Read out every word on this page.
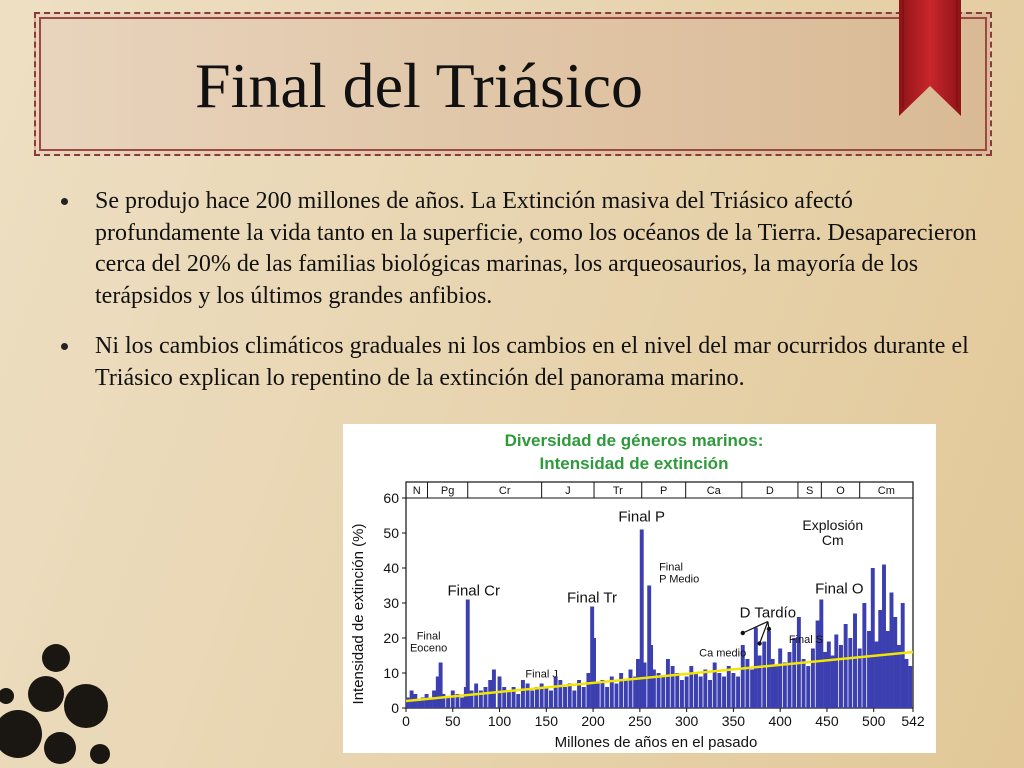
Final del Triásico
Se produjo hace 200 millones de años. La Extinción masiva del Triásico afectó profundamente la vida tanto en la superficie, como los océanos de la Tierra. Desaparecieron cerca del 20% de las familias biológicas marinas, los arqueosaurios, la mayoría de los terápsidos y los últimos grandes anfibios.
Ni los cambios climáticos graduales ni los cambios en el nivel del mar ocurridos durante el Triásico explican lo repentino de la extinción del panorama marino.
Diversidad de géneros marinos:
Intensidad de extinción
Intensidad de extinción (%)
Millones de años en el pasado
N Pg	Cr	J	Tr	P	Ca	D	S O	Cm
0
10
20
30
40
50
60
0	50 100 150 200 250 300 350 400 450 500 542
Final P
Final P Medio
Final Cr	Final Tr
D Tardío
Ca medio
Final O
Final S
Final J
Final Eoceno
Explosión Cm
